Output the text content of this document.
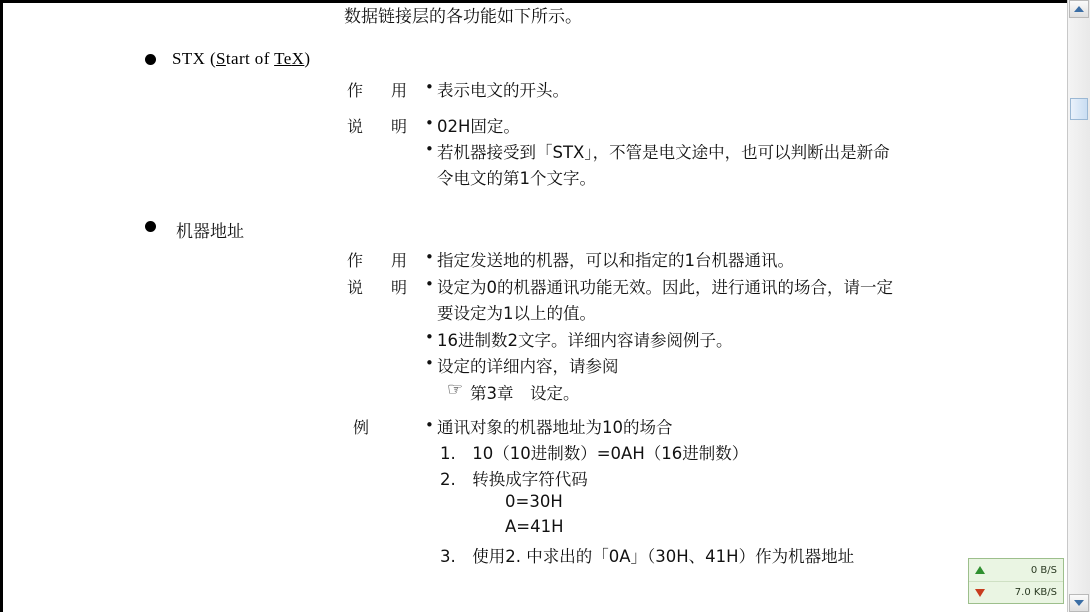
数据链接层的各功能如下所示。
STX (Start of TeX)
作　用 • 表示电文的开头。
说　明 • 02H固定。
• 若机器接受到「STX」，不管是电文途中，也可以判断出是新命
令电文的第1个文字。
机器地址
作　用 • 指定发送地的机器，可以和指定的1台机器通讯。
说　明 • 设定为0的机器通讯功能无效。因此，进行通讯的场合，请一定
要设定为1以上的值。
• 16进制数2文字。详细内容请参阅例子。
• 设定的详细内容，请参阅
☞ 第3章　设定。
例	• 通讯对象的机器地址为10的场合
1.　10（10进制数）=0AH（16进制数）
2.　转换成字符代码
0=30H
A=41H
3.　使用2. 中求出的「0A」（30H、41H）作为机器地址
0 B/S
7.0 KB/S
